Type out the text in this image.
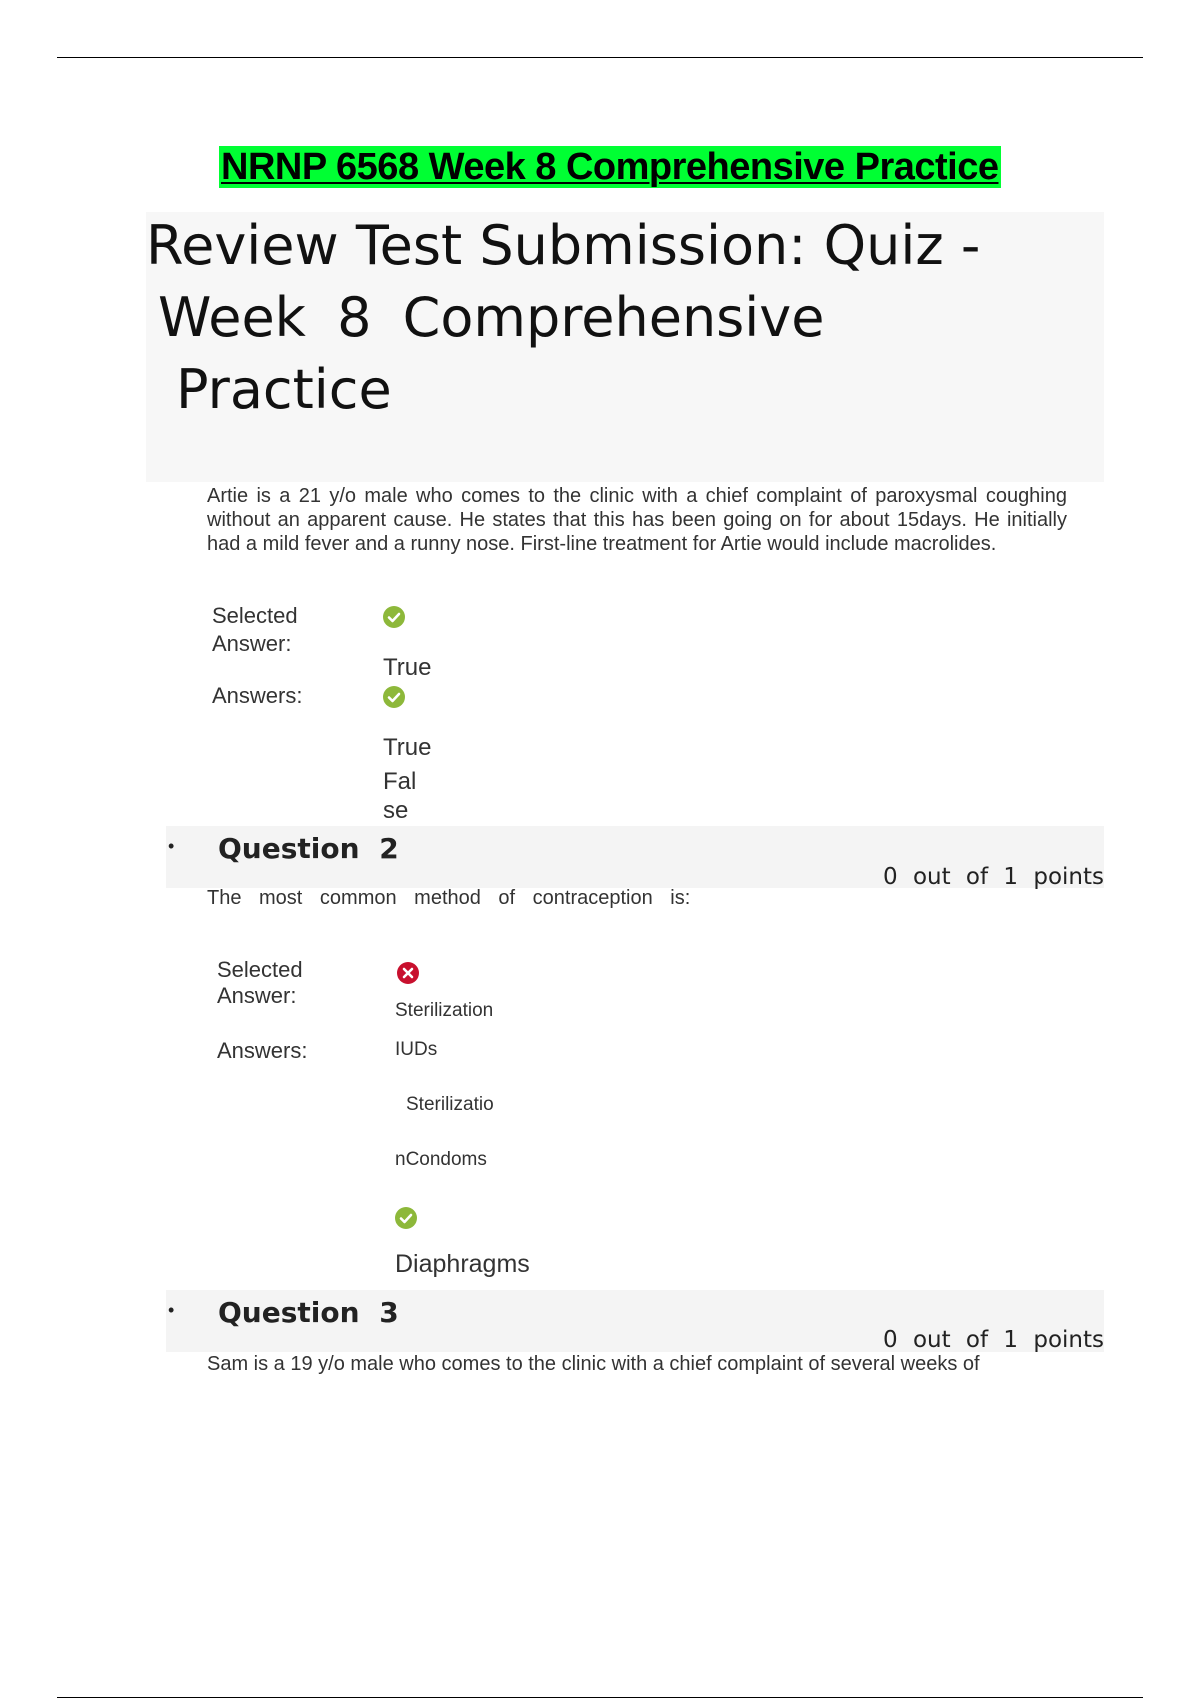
NRNP 6568 Week 8 Comprehensive Practice
Review Test Submission: Quiz -
Week 8 Comprehensive
Practice
Artie is a 21 y/o male who comes to the clinic with a chief complaint of paroxysmal coughing without an apparent cause. He states that this has been going on for about 15days. He initially had a mild fever and a runny nose. First-line treatment for Artie would include macrolides.
Selected Answer:
True
Answers:
True
Fal
se
• Question 2
0 out of 1 points
The most common method of contraception is:
Selected
Answer:
Sterilization
Answers:	IUDs
Sterilizatio
nCondoms
Diaphragms
• Question 3
0 out of 1 points
Sam is a 19 y/o male who comes to the clinic with a chief complaint of several weeks of
